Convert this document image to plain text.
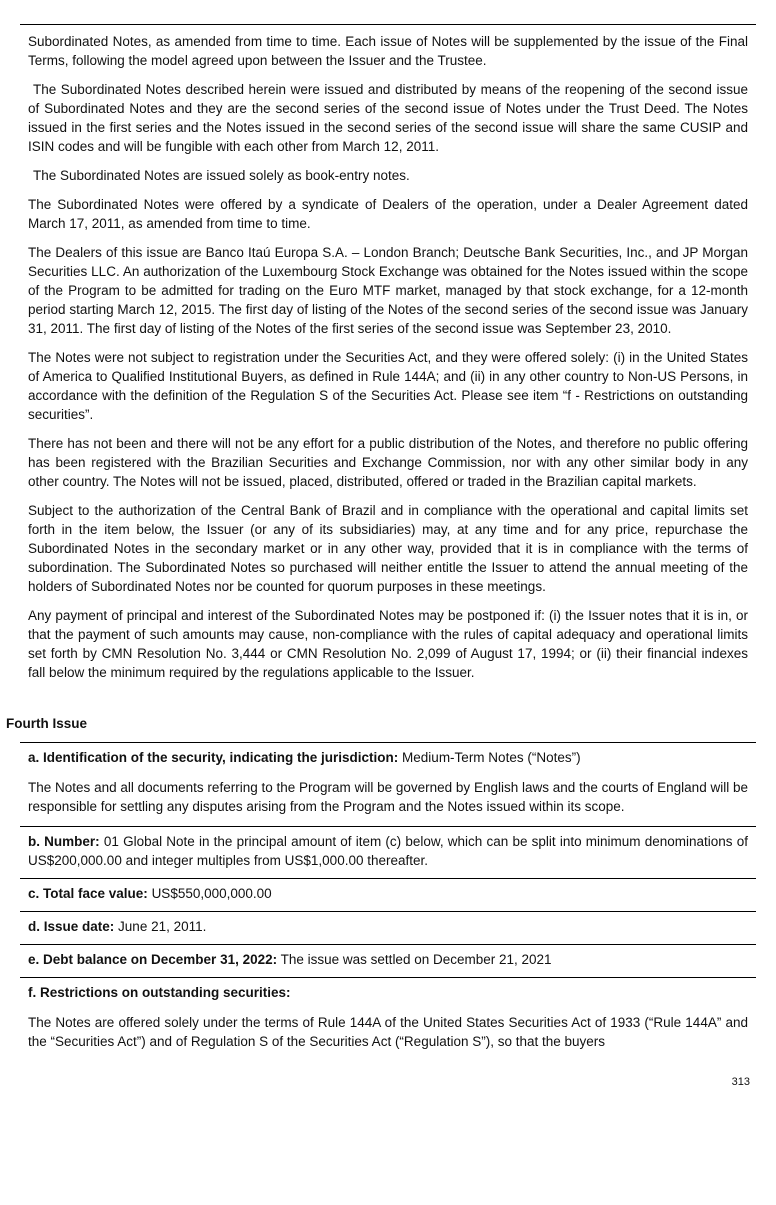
Subordinated Notes, as amended from time to time. Each issue of Notes will be supplemented by the issue of the Final Terms, following the model agreed upon between the Issuer and the Trustee.

The Subordinated Notes described herein were issued and distributed by means of the reopening of the second issue of Subordinated Notes and they are the second series of the second issue of Notes under the Trust Deed. The Notes issued in the first series and the Notes issued in the second series of the second issue will share the same CUSIP and ISIN codes and will be fungible with each other from March 12, 2011.

The Subordinated Notes are issued solely as book-entry notes.

The Subordinated Notes were offered by a syndicate of Dealers of the operation, under a Dealer Agreement dated March 17, 2011, as amended from time to time.

The Dealers of this issue are Banco Itaú Europa S.A. – London Branch; Deutsche Bank Securities, Inc., and JP Morgan Securities LLC. An authorization of the Luxembourg Stock Exchange was obtained for the Notes issued within the scope of the Program to be admitted for trading on the Euro MTF market, managed by that stock exchange, for a 12-month period starting March 12, 2015. The first day of listing of the Notes of the second series of the second issue was January 31, 2011. The first day of listing of the Notes of the first series of the second issue was September 23, 2010.

The Notes were not subject to registration under the Securities Act, and they were offered solely: (i) in the United States of America to Qualified Institutional Buyers, as defined in Rule 144A; and (ii) in any other country to Non-US Persons, in accordance with the definition of the Regulation S of the Securities Act. Please see item “f - Restrictions on outstanding securities”.

There has not been and there will not be any effort for a public distribution of the Notes, and therefore no public offering has been registered with the Brazilian Securities and Exchange Commission, nor with any other similar body in any other country. The Notes will not be issued, placed, distributed, offered or traded in the Brazilian capital markets.

Subject to the authorization of the Central Bank of Brazil and in compliance with the operational and capital limits set forth in the item below, the Issuer (or any of its subsidiaries) may, at any time and for any price, repurchase the Subordinated Notes in the secondary market or in any other way, provided that it is in compliance with the terms of subordination. The Subordinated Notes so purchased will neither entitle the Issuer to attend the annual meeting of the holders of Subordinated Notes nor be counted for quorum purposes in these meetings.

Any payment of principal and interest of the Subordinated Notes may be postponed if: (i) the Issuer notes that it is in, or that the payment of such amounts may cause, non-compliance with the rules of capital adequacy and operational limits set forth by CMN Resolution No. 3,444 or CMN Resolution No. 2,099 of August 17, 1994; or (ii) their financial indexes fall below the minimum required by the regulations applicable to the Issuer.

Fourth Issue

a. Identification of the security, indicating the jurisdiction: Medium-Term Notes (“Notes”)

The Notes and all documents referring to the Program will be governed by English laws and the courts of England will be responsible for settling any disputes arising from the Program and the Notes issued within its scope.

b. Number: 01 Global Note in the principal amount of item (c) below, which can be split into minimum denominations of US$200,000.00 and integer multiples from US$1,000.00 thereafter.

c. Total face value: US$550,000,000.00

d. Issue date: June 21, 2011.

e. Debt balance on December 31, 2022: The issue was settled on December 21, 2021

f. Restrictions on outstanding securities:

The Notes are offered solely under the terms of Rule 144A of the United States Securities Act of 1933 (“Rule 144A” and the “Securities Act”) and of Regulation S of the Securities Act (“Regulation S”), so that the buyers

313
